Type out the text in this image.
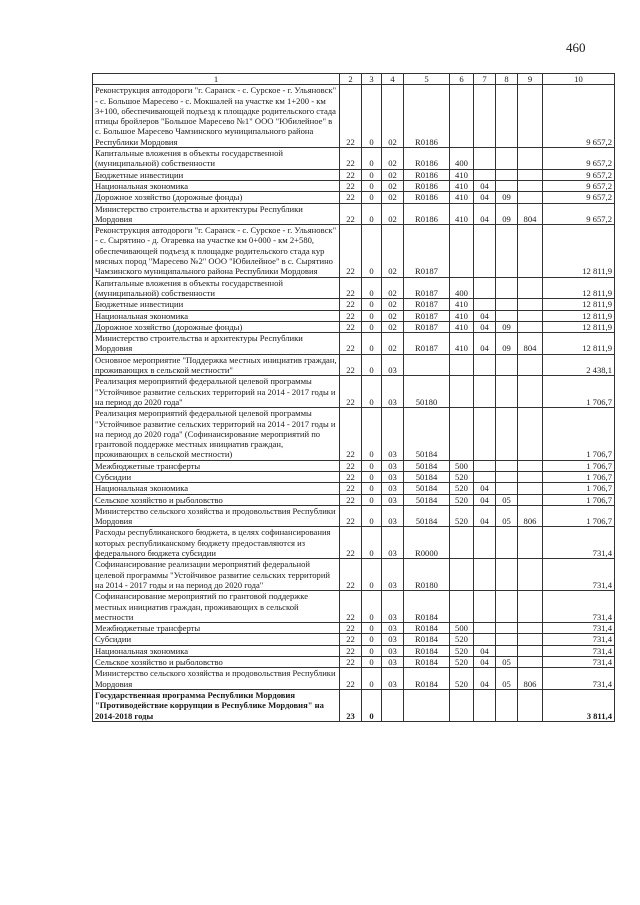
460
1	2	3	4	5	6	7	8	9	10
Реконструкция автодороги "г. Саранск - с. Сурское - г. Ульяновск" - с. Большое Маресево - с. Мокшалей на участке км 1+200 - км 3+100, обеспечивающей подъезд к площадке родительского стада птицы бройлеров "Большое Маресево №1" ООО "Юбилейное" в с. Большое Маресево Чамзинского муниципального района Республики Мордовия	22	0	02	R0186					9 657,2
Капитальные вложения в объекты государственной (муниципальной) собственности	22	0	02	R0186	400				9 657,2
Бюджетные инвестиции	22	0	02	R0186	410				9 657,2
Национальная экономика	22	0	02	R0186	410	04			9 657,2
Дорожное хозяйство (дорожные фонды)	22	0	02	R0186	410	04	09		9 657,2
Министерство строительства и архитектуры Республики Мордовия	22	0	02	R0186	410	04	09	804	9 657,2
Реконструкция автодороги "г. Саранск - с. Сурское - г. Ульяновск" - с. Сырятино - д. Огаревка на участке км 0+000 - км 2+580, обеспечивающей подъезд к площадке родительского стада кур мясных пород "Маресево №2" ООО "Юбилейное" в с. Сырятино Чамзинского муниципального района Республики Мордовия	22	0	02	R0187					12 811,9
Капитальные вложения в объекты государственной (муниципальной) собственности	22	0	02	R0187	400				12 811,9
Бюджетные инвестиции	22	0	02	R0187	410				12 811,9
Национальная экономика	22	0	02	R0187	410	04			12 811,9
Дорожное хозяйство (дорожные фонды)	22	0	02	R0187	410	04	09		12 811,9
Министерство строительства и архитектуры Республики Мордовия	22	0	02	R0187	410	04	09	804	12 811,9
Основное мероприятие "Поддержка местных инициатив граждан, проживающих в сельской местности"	22	0	03						2 438,1
Реализация мероприятий федеральной целевой программы "Устойчивое развитие сельских территорий на 2014 - 2017 годы и на период до 2020 года"	22	0	03	50180					1 706,7
Реализация мероприятий федеральной целевой программы "Устойчивое развитие сельских территорий на 2014 - 2017 годы и на период до 2020 года" (Софинансирование мероприятий по грантовой поддержке местных инициатив граждан, проживающих в сельской местности)	22	0	03	50184					1 706,7
Межбюджетные трансферты	22	0	03	50184	500				1 706,7
Субсидии	22	0	03	50184	520				1 706,7
Национальная экономика	22	0	03	50184	520	04			1 706,7
Сельское хозяйство и рыболовство	22	0	03	50184	520	04	05		1 706,7
Министерство сельского хозяйства и продовольствия Республики Мордовия	22	0	03	50184	520	04	05	806	1 706,7
Расходы республиканского бюджета, в целях софинансирования которых республиканскому бюджету предоставляются из федерального бюджета субсидии	22	0	03	R0000					731,4
Софинансирование реализации мероприятий федеральной целевой программы "Устойчивое развитие сельских территорий на 2014 - 2017 годы и на период до 2020 года"	22	0	03	R0180					731,4
Софинансирование мероприятий по грантовой поддержке местных инициатив граждан, проживающих в сельской местности	22	0	03	R0184					731,4
Межбюджетные трансферты	22	0	03	R0184	500				731,4
Субсидии	22	0	03	R0184	520				731,4
Национальная экономика	22	0	03	R0184	520	04			731,4
Сельское хозяйство и рыболовство	22	0	03	R0184	520	04	05		731,4
Министерство сельского хозяйства и продовольствия Республики Мордовия	22	0	03	R0184	520	04	05	806	731,4
Государственная программа Республики Мордовия "Противодействие коррупции в Республике Мордовия" на 2014-2018 годы	23	0							3 811,4
